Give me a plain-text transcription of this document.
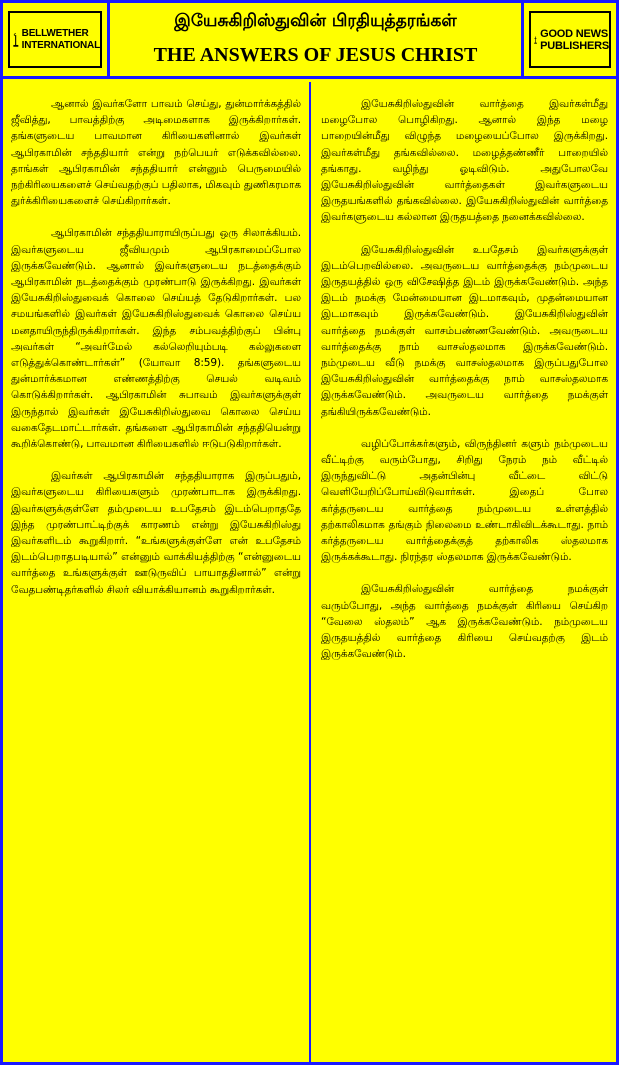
BELLWETHER
INTERNATIONAL
இயேசுகிறிஸ்துவின் பிரதியுத்தரங்கள்
THE ANSWERS OF JESUS CHRIST
GOOD NEWS
PUBLISHERS

ஆனால் இவர்களோ பாவம் செய்து, துன்மார்க்கத்தில் ஜீவித்து, பாவத்திற்கு அடிமைகளாக இருக்கிறார்கள். தங்களுடைய பாவமான கிரியைகளினால் இவர்கள் ஆபிரகாமின் சந்ததியார் என்று நற்பெயர் எடுக்கவில்லை. தாங்கள் ஆபிரகாமின் சந்ததியார் என்னும் பெருமையில் நற்கிரியைகளைச் செய்வதற்குப் பதிலாக, மிகவும் துணிகரமாக துர்க்கிரியைகளைச் செய்கிறார்கள்.

ஆபிரகாமின் சந்ததியாராயிருப்பது ஒரு சிலாக்கியம். இவர்களுடைய ஜீவியமும் ஆபிரகாமைப்போல இருக்கவேண்டும். ஆனால் இவர்களுடைய நடத்தைக்கும் ஆபிரகாமின் நடத்தைக்கும் முரண்பாடு இருக்கிறது. இவர்கள் இயேசுகிறிஸ்துவைக் கொலை செய்யத் தேடுகிறார்கள். பல சமயங்களில் இவர்கள் இயேசுகிறிஸ்துவைக் கொலை செய்ய மனதாயிருந்திருக்கிறார்கள். இந்த சம்பவத்திற்குப் பின்பு அவர்கள் “அவர்மேல் கல்லெறியும்படி கல்லுகளை எடுத்துக்கொண்டார்கள்” (யோவா 8:59). தங்களுடைய துன்மார்க்கமான எண்ணத்திற்கு செயல் வடிவம் கொடுக்கிறார்கள். ஆபிரகாமின் சுபாவம் இவர்களுக்குள் இருந்தால் இவர்கள் இயேசுகிறிஸ்துவை கொலை செய்ய வகைதேடமாட்டார்கள். தங்களை ஆபிரகாமின் சந்ததியென்று கூறிக்கொண்டு, பாவமான கிரியைகளில் ஈடுபடுகிறார்கள்.

இவர்கள் ஆபிரகாமின் சந்ததியாராக இருப்பதும், இவர்களுடைய கிரியைகளும் முரண்பாடாக இருக்கிறது. இவர்களுக்குள்ளே தம்முடைய உபதேசம் இடம்பெறாததே இந்த முரண்பாட்டிற்குக் காரணம் என்று இயேசுகிறிஸ்து இவர்களிடம் கூறுகிறார். “உங்களுக்குள்ளே என் உபதேசம் இடம்பெறாதபடியால்” என்னும் வாக்கியத்திற்கு “என்னுடைய வார்த்தை உங்களுக்குள் ஊடுருவிப் பாயாததினால்” என்று வேதபண்டிதர்களில் சிலர் வியாக்கியானம் கூறுகிறார்கள்.

இயேசுகிறிஸ்துவின் வார்த்தை இவர்கள்மீது மழைபோல பொழிகிறது. ஆனால் இந்த மழை பாறையின்மீது விழுந்த மழையைப்போல இருக்கிறது. இவர்கள்மீது தங்கவில்லை. மழைத்தண்ணீர் பாறையில் தங்காது. வழிந்து ஓடிவிடும். அதுபோலவே இயேசுகிறிஸ்துவின் வார்த்தைகள் இவர்களுடைய இருதயங்களில் தங்கவில்லை. இயேசுகிறிஸ்துவின் வார்த்தை இவர்களுடைய கல்லான இருதயத்தை நனைக்கவில்லை.

இயேசுகிறிஸ்துவின் உபதேசம் இவர்களுக்குள் இடம்பெறவில்லை. அவருடைய வார்த்தைக்கு நம்முடைய இருதயத்தில் ஒரு விசேஷித்த இடம் இருக்கவேண்டும். அந்த இடம் நமக்கு மேன்மையான இடமாகவும், முதன்மையான இடமாகவும் இருக்கவேண்டும். இயேசுகிறிஸ்துவின் வார்த்தை நமக்குள் வாசம்பண்ணவேண்டும். அவருடைய வார்த்தைக்கு நாம் வாசஸ்தலமாக இருக்கவேண்டும். நம்முடைய வீடு நமக்கு வாசஸ்தலமாக இருப்பதுபோல இயேசுகிறிஸ்துவின் வார்த்தைக்கு நாம் வாசஸ்தலமாக இருக்கவேண்டும். அவருடைய வார்த்தை நமக்குள் தங்கியிருக்கவேண்டும்.

வழிப்போக்கர்களும், விருந்தினர் களும் நம்முடைய வீட்டிற்கு வரும்போது, சிறிது நேரம் நம் வீட்டில் இருந்துவிட்டு அதன்பின்பு வீட்டை விட்டு வெளியேறிப்போய்விடுவார்கள். இதைப் போல கர்த்தருடைய வார்த்தை நம்முடைய உள்ளத்தில் தற்காலிகமாக தங்கும் நிலைமை உண்டாகிவிடக்கூடாது. நாம் கர்த்தருடைய வார்த்தைக்குத் தற்காலிக ஸ்தலமாக இருக்கக்கூடாது. நிரந்தர ஸ்தலமாக இருக்கவேண்டும்.

இயேசுகிறிஸ்துவின் வார்த்தை நமக்குள் வரும்போது, அந்த வார்த்தை நமக்குள் கிரியை செய்கிற “வேலை ஸ்தலம்” ஆக இருக்கவேண்டும். நம்முடைய இருதயத்தில் வார்த்தை கிரியை செய்வதற்கு இடம் இருக்கவேண்டும்.
